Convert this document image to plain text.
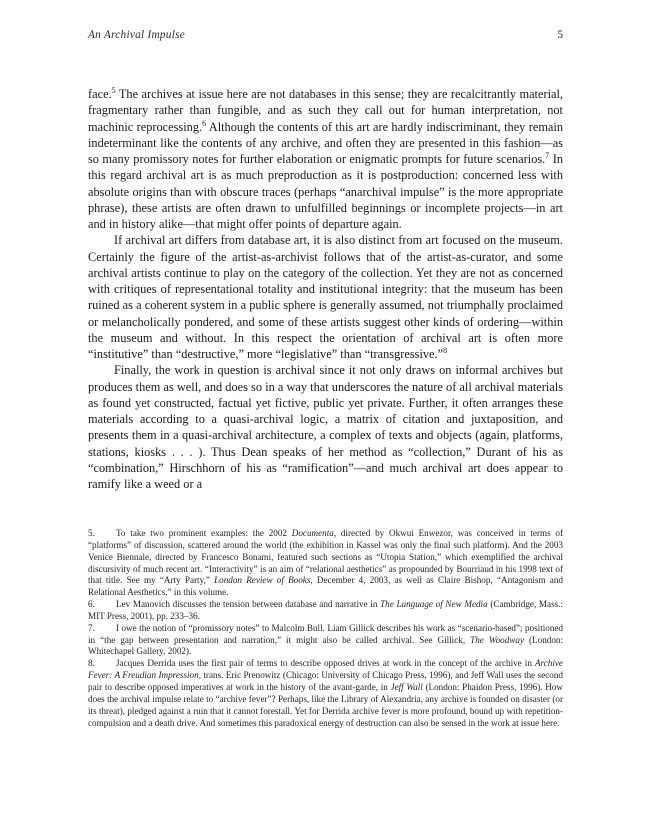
An Archival Impulse	5

face.$^5$ The archives at issue here are not databases in this sense; they are recalcitrantly material, fragmentary rather than fungible, and as such they call out for human interpretation, not machinic reprocessing.$^6$ Although the contents of this art are hardly indiscriminant, they remain indeterminant like the contents of any archive, and often they are presented in this fashion—as so many promissory notes for further elaboration or enigmatic prompts for future scenarios.$^7$ In this regard archival art is as much preproduction as it is postproduction: concerned less with absolute origins than with obscure traces (perhaps “anarchival impulse” is the more appropriate phrase), these artists are often drawn to unfulfilled beginnings or incomplete projects—in art and in history alike—that might offer points of departure again.

If archival art differs from database art, it is also distinct from art focused on the museum. Certainly the figure of the artist-as-archivist follows that of the artist-as-curator, and some archival artists continue to play on the category of the collection. Yet they are not as concerned with critiques of representational totality and institutional integrity: that the museum has been ruined as a coherent system in a public sphere is generally assumed, not triumphally proclaimed or melancholically pondered, and some of these artists suggest other kinds of ordering—within the museum and without. In this respect the orientation of archival art is often more “institutive” than “destructive,” more “legislative” than “transgressive.”$^8$

Finally, the work in question is archival since it not only draws on informal archives but produces them as well, and does so in a way that underscores the nature of all archival materials as found yet constructed, factual yet fictive, public yet private. Further, it often arranges these materials according to a quasi-archival logic, a matrix of citation and juxtaposition, and presents them in a quasi-archival architecture, a complex of texts and objects (again, platforms, stations, kiosks . . . ). Thus Dean speaks of her method as “collection,” Durant of his as “combination,” Hirschhorn of his as “ramification”—and much archival art does appear to ramify like a weed or a

5. To take two prominent examples: the 2002 Documenta, directed by Okwui Enwezor, was conceived in terms of “platforms” of discussion, scattered around the world (the exhibition in Kassel was only the final such platform). And the 2003 Venice Biennale, directed by Francesco Bonami, featured such sections as “Utopia Station,” which exemplified the archival discursivity of much recent art. “Interactivity” is an aim of “relational aesthetics” as propounded by Bourriaud in his 1998 text of that title. See my “Arty Party,” London Review of Books, December 4, 2003, as well as Claire Bishop, “Antagonism and Relational Aesthetics,” in this volume.

6. Lev Manovich discusses the tension between database and narrative in The Language of New Media (Cambridge, Mass.: MIT Press, 2001), pp. 233–36.

7. I owe the notion of “promissory notes” to Malcolm Bull. Liam Gillick describes his work as “scenario-based”; positioned in “the gap between presentation and narration,” it might also be called archival. See Gillick, The Woodway (London: Whitechapel Gallery, 2002).

8. Jacques Derrida uses the first pair of terms to describe opposed drives at work in the concept of the archive in Archive Fever: A Freudian Impression, trans. Eric Prenowitz (Chicago: University of Chicago Press, 1996), and Jeff Wall uses the second pair to describe opposed imperatives at work in the history of the avant-garde, in Jeff Wall (London: Phaidon Press, 1996). How does the archival impulse relate to “archive fever”? Perhaps, like the Library of Alexandria, any archive is founded on disaster (or its threat), pledged against a ruin that it cannot forestall. Yet for Derrida archive fever is more profound, bound up with repetition-compulsion and a death drive. And sometimes this paradoxical energy of destruction can also be sensed in the work at issue here.
